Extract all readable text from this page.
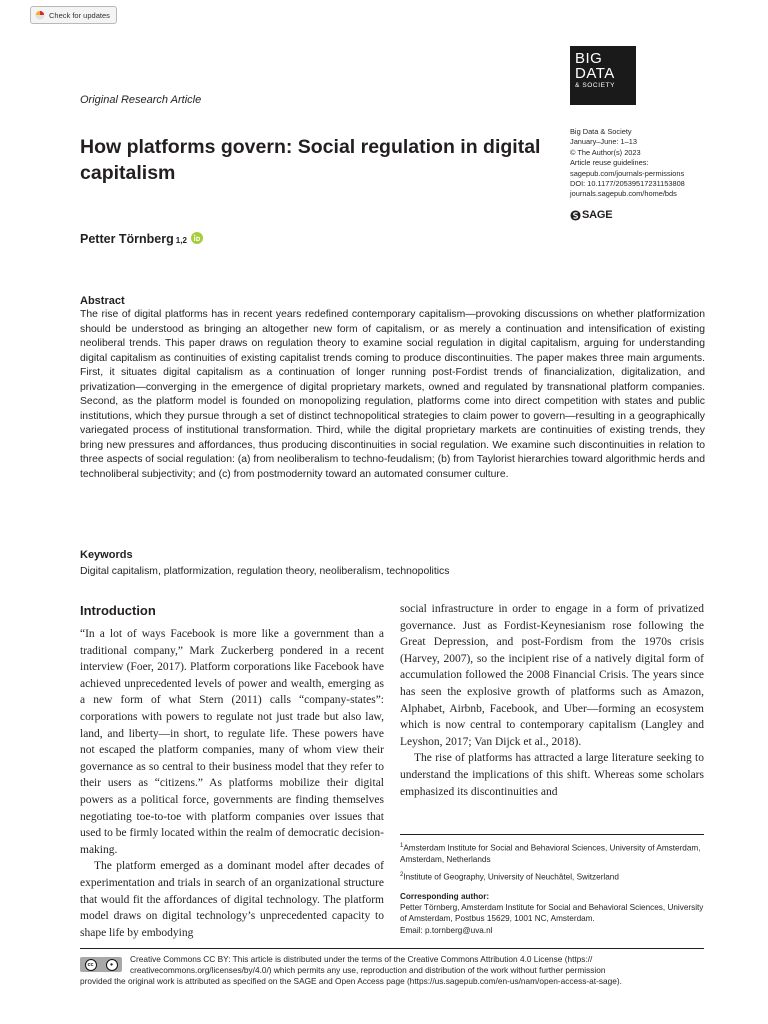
Check for updates
BIG
DATA
& SOCIETY
Original Research Article
How platforms govern: Social regulation in digital capitalism
Big Data & Society
January–June: 1–13
© The Author(s) 2023
Article reuse guidelines:
sagepub.com/journals-permissions
DOI: 10.1177/20539517231153808
journals.sagepub.com/home/bds
SAGE
Petter Törnberg 1,2
Abstract

The rise of digital platforms has in recent years redefined contemporary capitalism—provoking discussions on whether platformization should be understood as bringing an altogether new form of capitalism, or as merely a continuation and intensification of existing neoliberal trends. This paper draws on regulation theory to examine social regulation in digital capitalism, arguing for understanding digital capitalism as continuities of existing capitalist trends coming to produce discontinuities. The paper makes three main arguments. First, it situates digital capitalism as a continuation of longer running post-Fordist trends of financialization, digitalization, and privatization—converging in the emergence of digital proprietary markets, owned and regulated by transnational platform companies. Second, as the platform model is founded on monopolizing regulation, platforms come into direct competition with states and public institutions, which they pursue through a set of distinct technopolitical strategies to claim power to govern—resulting in a geographically variegated process of institutional transformation. Third, while the digital proprietary markets are continuities of existing trends, they bring new pressures and affordances, thus producing discontinuities in social regulation. We examine such discontinuities in relation to three aspects of social regulation: (a) from neoliberalism to techno-feudalism; (b) from Taylorist hierarchies toward algorithmic herds and technoliberal subjectivity; and (c) from postmodernity toward an automated consumer culture.

Keywords
Digital capitalism, platformization, regulation theory, neoliberalism, technopolitics
Introduction

“In a lot of ways Facebook is more like a government than a traditional company,” Mark Zuckerberg pondered in a recent interview (Foer, 2017). Platform corporations like Facebook have achieved unprecedented levels of power and wealth, emerging as a new form of what Stern (2011) calls “company-states”: corporations with powers to regulate not just trade but also law, land, and liberty—in short, to regulate life. These powers have not escaped the platform companies, many of whom view their governance as so central to their business model that they refer to their users as “citizens.” As platforms mobilize their digital powers as a political force, governments are finding themselves negotiating toe-to-toe with platform companies over issues that used to be firmly located within the realm of democratic decision-making.

The platform emerged as a dominant model after decades of experimentation and trials in search of an organizational structure that would fit the affordances of digital technology. The platform model draws on digital technology’s unprecedented capacity to shape life by embodying

social infrastructure in order to engage in a form of privatized governance. Just as Fordist-Keynesianism rose following the Great Depression, and post-Fordism from the 1970s crisis (Harvey, 2007), so the incipient rise of a natively digital form of accumulation followed the 2008 Financial Crisis. The years since has seen the explosive growth of platforms such as Amazon, Alphabet, Airbnb, Facebook, and Uber—forming an ecosystem which is now central to contemporary capitalism (Langley and Leyshon, 2017; Van Dijck et al., 2018).

The rise of platforms has attracted a large literature seeking to understand the implications of this shift. Whereas some scholars emphasized its discontinuities and

$^1$Amsterdam Institute for Social and Behavioral Sciences, University of Amsterdam, Amsterdam, Netherlands
$^2$Institute of Geography, University of Neuchâtel, Switzerland
Corresponding author:
Petter Törnberg, Amsterdam Institute for Social and Behavioral Sciences, University of Amsterdam, Postbus 15629, 1001 NC, Amsterdam.
Email: p.tornberg@uva.nl
cc	●
Creative Commons CC BY: This article is distributed under the terms of the Creative Commons Attribution 4.0 License (https://
creativecommons.org/licenses/by/4.0/) which permits any use, reproduction and distribution of the work without further permission
provided the original work is attributed as specified on the SAGE and Open Access page (https://us.sagepub.com/en-us/nam/open-access-at-sage).
